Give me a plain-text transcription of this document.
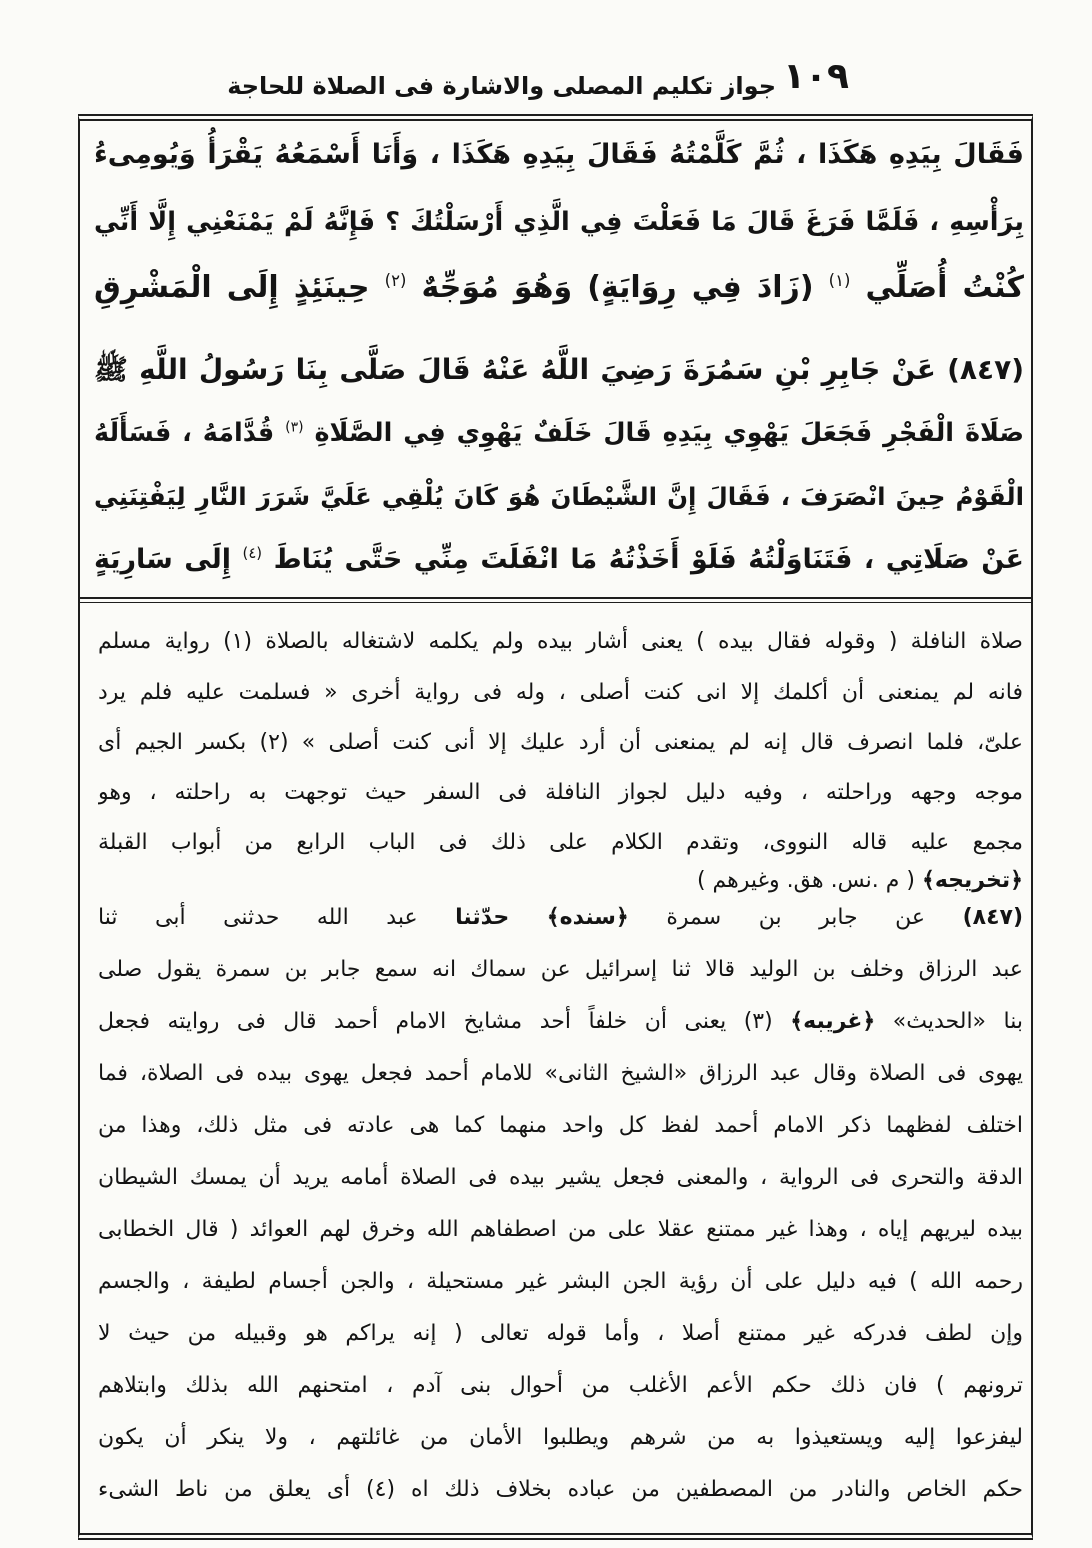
١٠٩
جواز تكليم المصلى والاشارة فى الصلاة للحاجة
فَقَالَ بِيَدِهِ هَكَذَا ، ثُمَّ كَلَّمْتُهُ فَقَالَ بِيَدِهِ هَكَذَا ، وَأَنَا أَسْمَعُهُ يَقْرَأُ وَيُومِىءُ
بِرَأْسِهِ ، فَلَمَّا فَرَغَ قَالَ مَا فَعَلْتَ فِي الَّذِي أَرْسَلْتُكَ ؟ فَإِنَّهُ لَمْ يَمْنَعْنِي إِلَّا أَنِّي
كُنْتُ أُصَلِّي $^{(١)}$ (زَادَ فِي رِوَايَةٍ) وَهُوَ مُوَجِّهٌ $^{(٢)}$ حِينَئِذٍ إِلَى الْمَشْرِقِ
(٨٤٧) عَنْ جَابِرِ بْنِ سَمُرَةَ رَضِيَ اللَّهُ عَنْهُ قَالَ صَلَّى بِنَا رَسُولُ اللَّهِ ﷺ
صَلَاةَ الْفَجْرِ فَجَعَلَ يَهْوِي بِيَدِهِ قَالَ خَلَفٌ يَهْوِي فِي الصَّلَاةِ $^{(٣)}$ قُدَّامَهُ ، فَسَأَلَهُ
الْقَوْمُ حِينَ انْصَرَفَ ، فَقَالَ إِنَّ الشَّيْطَانَ هُوَ كَانَ يُلْقِي عَلَيَّ شَرَرَ النَّارِ لِيَفْتِنَنِي
عَنْ صَلَاتِي ، فَتَنَاوَلْتُهُ فَلَوْ أَخَذْتُهُ مَا انْفَلَتَ مِنِّي حَتَّى يُنَاطَ $^{(٤)}$ إِلَى سَارِيَةٍ
صلاة النافلة ( وقوله فقال بيده ) يعنى أشار بيده ولم يكلمه لاشتغاله بالصلاة (١) رواية مسلم
فانه لم يمنعنى أن أكلمك إلا انى كنت أصلى ، وله فى رواية أخرى « فسلمت عليه فلم يرد
علىّ، فلما انصرف قال إنه لم يمنعنى أن أرد عليك إلا أنى كنت أصلى » (٢) بكسر الجيم أى
موجه وجهه وراحلته ، وفيه دليل لجواز النافلة فى السفر حيث توجهت به راحلته ، وهو
مجمع عليه قاله النووى، وتقدم الكلام على ذلك فى الباب الرابع من أبواب القبلة
﴿تخريجه﴾ ( م .نس. هق. وغيرهم )
(٨٤٧) عن جابر بن سمرة ﴿سنده﴾ حدّثنا عبد الله حدثنى أبى ثنا
عبد الرزاق وخلف بن الوليد قالا ثنا إسرائيل عن سماك انه سمع جابر بن سمرة يقول صلى
بنا «الحديث» ﴿غريبه﴾ (٣) يعنى أن خلفاً أحد مشايخ الامام أحمد قال فى روايته فجعل
يهوى فى الصلاة وقال عبد الرزاق «الشيخ الثانى» للامام أحمد فجعل يهوى بيده فى الصلاة، فما
اختلف لفظهما ذكر الامام أحمد لفظ كل واحد منهما كما هى عادته فى مثل ذلك، وهذا من
الدقة والتحرى فى الرواية ، والمعنى فجعل يشير بيده فى الصلاة أمامه يريد أن يمسك الشيطان
بيده ليريهم إياه ، وهذا غير ممتنع عقلا على من اصطفاهم الله وخرق لهم العوائد ( قال الخطابى
رحمه الله ) فيه دليل على أن رؤية الجن البشر غير مستحيلة ، والجن أجسام لطيفة ، والجسم
وإن لطف فدركه غير ممتنع أصلا ، وأما قوله تعالى ( إنه يراكم هو وقبيله من حيث لا
ترونهم ) فان ذلك حكم الأعم الأغلب من أحوال بنى آدم ، امتحنهم الله بذلك وابتلاهم
ليفزعوا إليه ويستعيذوا به من شرهم ويطلبوا الأمان من غائلتهم ، ولا ينكر أن يكون
حكم الخاص والنادر من المصطفين من عباده بخلاف ذلك اه (٤) أى يعلق من ناط الشىء
